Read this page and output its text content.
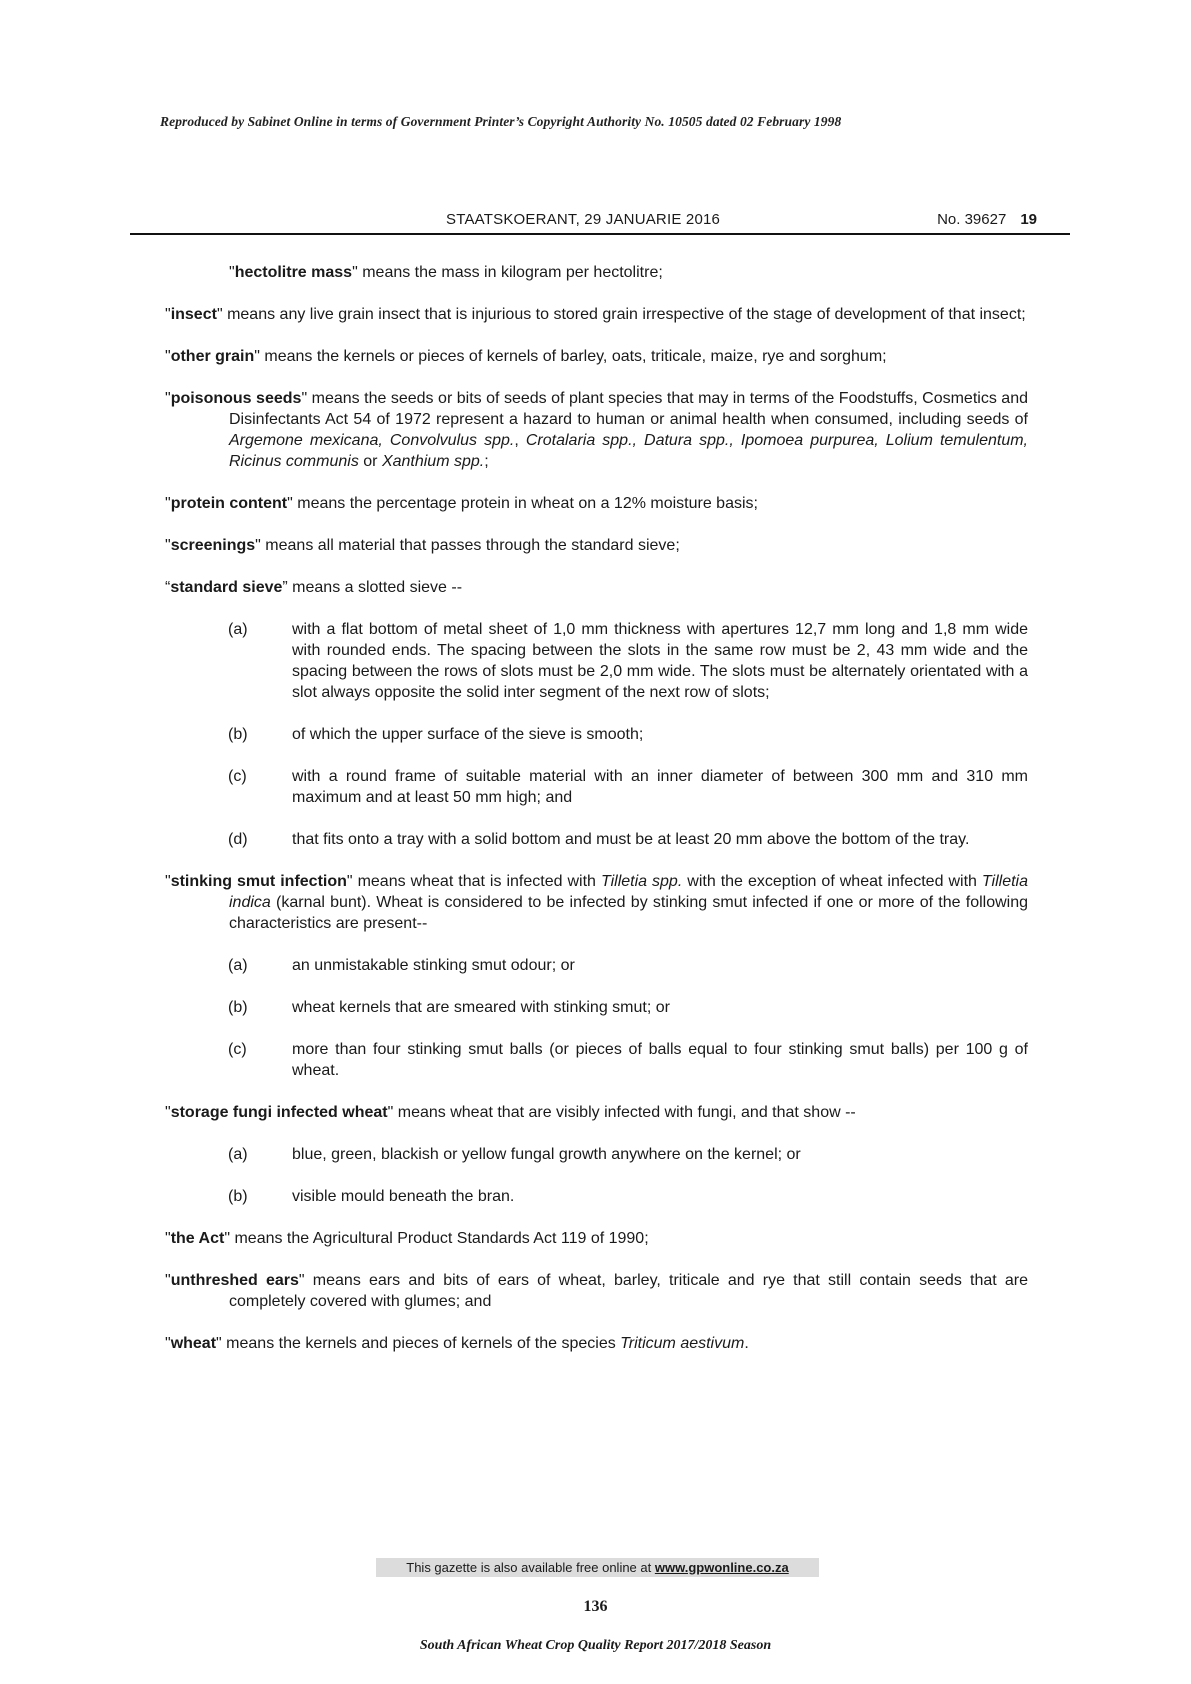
Reproduced by Sabinet Online in terms of Government Printer’s Copyright Authority No. 10505 dated 02 February 1998
STAATSKOERANT, 29 JANUARIE 2016	No. 39627 19

"hectolitre mass" means the mass in kilogram per hectolitre;

"insect" means any live grain insect that is injurious to stored grain irrespective of the stage of development of that insect;

"other grain" means the kernels or pieces of kernels of barley, oats, triticale, maize, rye and sorghum;

"poisonous seeds" means the seeds or bits of seeds of plant species that may in terms of the Foodstuffs, Cosmetics and Disinfectants Act 54 of 1972 represent a hazard to human or animal health when consumed, including seeds of Argemone mexicana, Convolvulus spp., Crotalaria spp., Datura spp., Ipomoea purpurea, Lolium temulentum, Ricinus communis or Xanthium spp.;

"protein content" means the percentage protein in wheat on a 12% moisture basis;

"screenings" means all material that passes through the standard sieve;

“standard sieve” means a slotted sieve --

(a)	with a flat bottom of metal sheet of 1,0 mm thickness with apertures 12,7 mm long and 1,8 mm wide with rounded ends. The spacing between the slots in the same row must be 2, 43 mm wide and the spacing between the rows of slots must be 2,0 mm wide. The slots must be alternately orientated with a slot always opposite the solid inter segment of the next row of slots;
(b)	of which the upper surface of the sieve is smooth;
(c)	with a round frame of suitable material with an inner diameter of between 300 mm and 310 mm maximum and at least 50 mm high; and
(d)	that fits onto a tray with a solid bottom and must be at least 20 mm above the bottom of the tray.

"stinking smut infection" means wheat that is infected with Tilletia spp. with the exception of wheat infected with Tilletia indica (karnal bunt). Wheat is considered to be infected by stinking smut infected if one or more of the following characteristics are present--

(a)	an unmistakable stinking smut odour; or
(b)	wheat kernels that are smeared with stinking smut; or
(c)	more than four stinking smut balls (or pieces of balls equal to four stinking smut balls) per 100 g of wheat.

"storage fungi infected wheat" means wheat that are visibly infected with fungi, and that show --

(a)	blue, green, blackish or yellow fungal growth anywhere on the kernel; or
(b)	visible mould beneath the bran.

"the Act" means the Agricultural Product Standards Act 119 of 1990;

"unthreshed ears" means ears and bits of ears of wheat, barley, triticale and rye that still contain seeds that are completely covered with glumes; and

"wheat" means the kernels and pieces of kernels of the species Triticum aestivum.

This gazette is also available free online at www.gpwonline.co.za
136
South African Wheat Crop Quality Report 2017/2018 Season
